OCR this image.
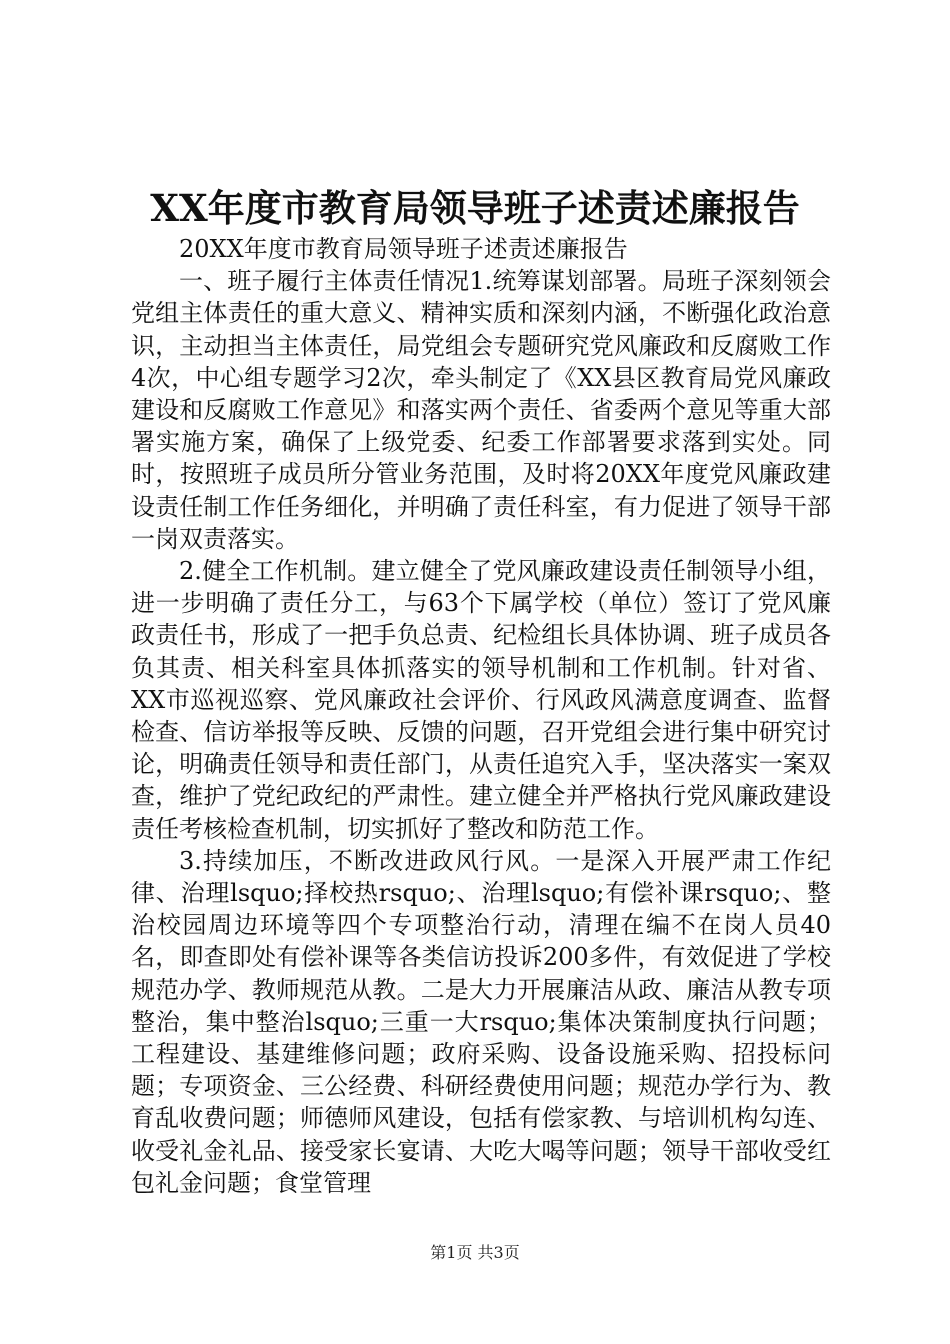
XX年度市教育局领导班子述责述廉报告

20XX年度市教育局领导班子述责述廉报告

一、班子履行主体责任情况1.统筹谋划部署。局班子深刻领会党组主体责任的重大意义、精神实质和深刻内涵，不断强化政治意识，主动担当主体责任，局党组会专题研究党风廉政和反腐败工作4次，中心组专题学习2次，牵头制定了《XX县区教育局党风廉政建设和反腐败工作意见》和落实两个责任、省委两个意见等重大部署实施方案，确保了上级党委、纪委工作部署要求落到实处。同时，按照班子成员所分管业务范围，及时将20XX年度党风廉政建设责任制工作任务细化，并明确了责任科室，有力促进了领导干部一岗双责落实。

2.健全工作机制。建立健全了党风廉政建设责任制领导小组，进一步明确了责任分工，与63个下属学校（单位）签订了党风廉政责任书，形成了一把手负总责、纪检组长具体协调、班子成员各负其责、相关科室具体抓落实的领导机制和工作机制。针对省、XX市巡视巡察、党风廉政社会评价、行风政风满意度调查、监督检查、信访举报等反映、反馈的问题，召开党组会进行集中研究讨论，明确责任领导和责任部门，从责任追究入手，坚决落实一案双查，维护了党纪政纪的严肃性。建立健全并严格执行党风廉政建设责任考核检查机制，切实抓好了整改和防范工作。

3.持续加压，不断改进政风行风。一是深入开展严肃工作纪律、治理lsquo;择校热rsquo;、治理lsquo;有偿补课rsquo;、整治校园周边环境等四个专项整治行动，清理在编不在岗人员40名，即查即处有偿补课等各类信访投诉200多件，有效促进了学校规范办学、教师规范从教。二是大力开展廉洁从政、廉洁从教专项整治，集中整治lsquo;三重一大rsquo;集体决策制度执行问题；工程建设、基建维修问题；政府采购、设备设施采购、招投标问题；专项资金、三公经费、科研经费使用问题；规范办学行为、教育乱收费问题；师德师风建设，包括有偿家教、与培训机构勾连、收受礼金礼品、接受家长宴请、大吃大喝等问题；领导干部收受红包礼金问题；食堂管理

第1页 共3页
